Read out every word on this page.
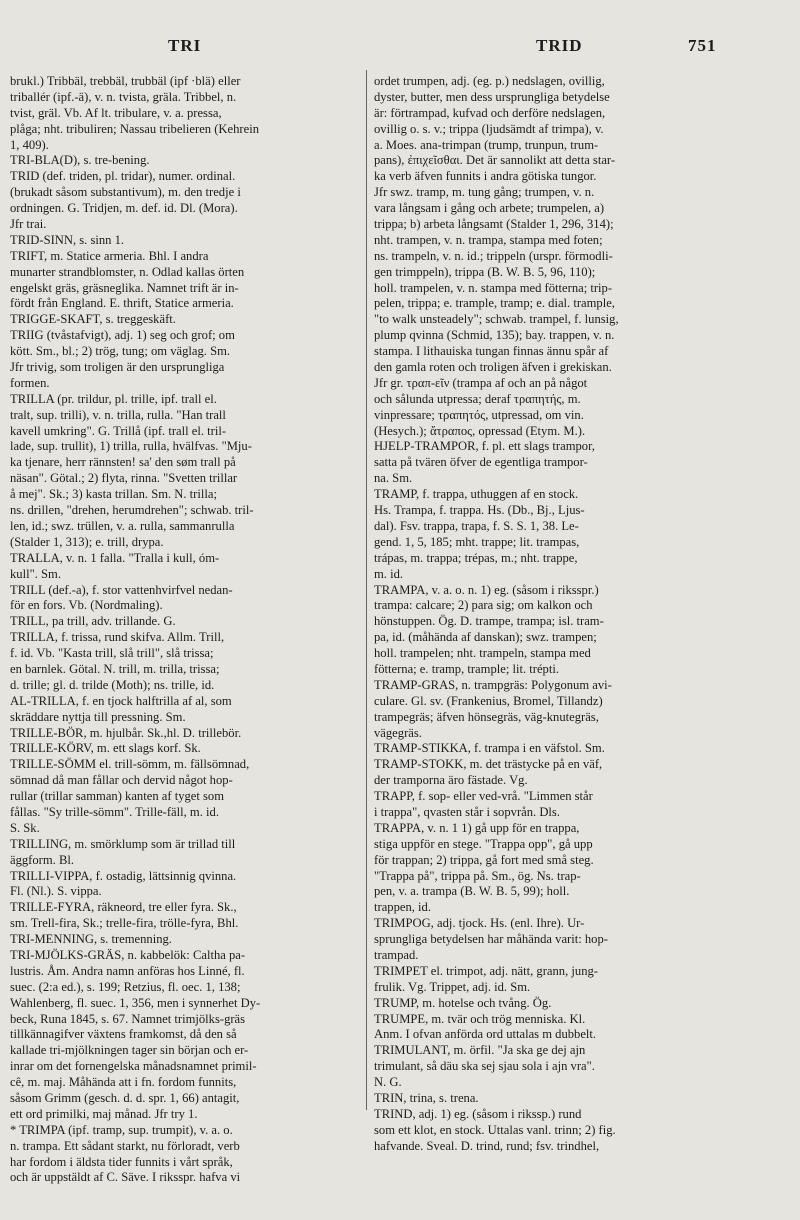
TRI	TRID	751
brukl.) Tribbäl, trebbäl, trubbäl (ipf ·blä) eller
triballér (ipf.-ä), v. n. tvista, gräla. Tribbel, n.
tvist, gräl. Vb. Af lt. tribulare, v. a. pressa,
plåga; nht. tribuliren; Nassau tribelieren (Kehrein
1, 409).
TRI-BLA(D), s. tre-bening.
TRID (def. triden, pl. tridar), numer. ordinal.
(brukadt såsom substantivum), m. den tredje i
ordningen. G. Tridjen, m. def. id. Dl. (Mora).
Jfr trai.
TRID-SINN, s. sinn 1.
TRIFT, m. Statice armeria. Bhl. I andra
munarter strandblomster, n. Odlad kallas örten
engelskt gräs, gräsneglika. Namnet trift är in-
fördt från England. E. thrift, Statice armeria.
TRIGGE-SKAFT, s. treggeskäft.
TRIIG (tvåstafvigt), adj. 1) seg och grof; om
kött. Sm., bl.; 2) trög, tung; om väglag. Sm.
Jfr trivig, som troligen är den ursprungliga
formen.
TRILLA (pr. trildur, pl. trille, ipf. trall el.
tralt, sup. trilli), v. n. trilla, rulla. "Han trall
kavell umkring". G. Trillå (ipf. trall el. tril-
lade, sup. trullit), 1) trilla, rulla, hvälfvas. "Mju-
ka tjenare, herr rännsten! sa' den søm trall på
näsan". Götal.; 2) flyta, rinna. "Svetten trillar
å mej". Sk.; 3) kasta trillan. Sm. N. trilla;
ns. drillen, "drehen, herumdrehen"; schwab. tril-
len, id.; swz. trüllen, v. a. rulla, sammanrulla
(Stalder 1, 313); e. trill, drypa.
TRALLA, v. n. 1 falla. "Tralla i kull, óm-
kull". Sm.
TRILL (def.-a), f. stor vattenhvirfvel nedan-
för en fors. Vb. (Nordmaling).
TRILL, pa trill, adv. trillande. G.
TRILLA, f. trissa, rund skifva. Allm. Trill,
f. id. Vb. "Kasta trill, slå trill", slå trissa;
en barnlek. Götal. N. trill, m. trilla, trissa;
d. trille; gl. d. trilde (Moth); ns. trille, id.
AL-TRILLA, f. en tjock halftrilla af al, som
skräddare nyttja till pressning. Sm.
TRILLE-BÖR, m. hjulbår. Sk.,hl. D. trillebör.
TRILLE-KÖRV, m. ett slags korf. Sk.
TRILLE-SÖMM el. trill-sömm, m. fällsömnad,
sömnad då man fållar och dervid något hop-
rullar (trillar samman) kanten af tyget som
fållas. "Sy trille-sömm". Trille-fäll, m. id.
S. Sk.
TRILLING, m. smörklump som är trillad till
äggform. Bl.
TRILLI-VIPPA, f. ostadig, lättsinnig qvinna.
Fl. (Nl.). S. vippa.
TRILLE-FYRA, räkneord, tre eller fyra. Sk.,
sm. Trell-fira, Sk.; trelle-fira, trölle-fyra, Bhl.
TRI-MENNING, s. tremenning.
TRI-MJÖLKS-GRÄS, n. kabbelök: Caltha pa-
lustris. Åm. Andra namn anföras hos Linné, fl.
suec. (2:a ed.), s. 199; Retzius, fl. oec. 1, 138;
Wahlenberg, fl. suec. 1, 356, men i synnerhet Dy-
beck, Runa 1845, s. 67. Namnet trimjölks-gräs
tillkännagifver växtens framkomst, då den så
kallade tri-mjölkningen tager sin början och er-
inrar om det fornengelska månadsnamnet primil-
cê, m. maj. Måhända att i fn. fordom funnits,
såsom Grimm (gesch. d. d. spr. 1, 66) antagit,
ett ord primilki, maj månad. Jfr try 1.
* TRIMPA (ipf. tramp, sup. trumpit), v. a. o.
n. trampa. Ett sådant starkt, nu förloradt, verb
har fordom i äldsta tider funnits i vårt språk,
och är uppstäldt af C. Säve. I riksspr. hafva vi
ordet trumpen, adj. (eg. p.) nedslagen, ovillig,
dyster, butter, men dess ursprungliga betydelse
är: förtrampad, kufvad och derföre nedslagen,
ovillig o. s. v.; trippa (ljudsämdt af trimpa), v.
a. Moes. ana-trimpan (trump, trunpun, trum-
pans), ἐπιχεῖσθαι. Det är sannolikt att detta star-
ka verb äfven funnits i andra götiska tungor.
Jfr swz. tramp, m. tung gång; trumpen, v. n.
vara långsam i gång och arbete; trumpelen, a)
trippa; b) arbeta långsamt (Stalder 1, 296, 314);
nht. trampen, v. n. trampa, stampa med foten;
ns. trampeln, v. n. id.; trippeln (urspr. förmodli-
gen trimppeln), trippa (B. W. B. 5, 96, 110);
holl. trampelen, v. n. stampa med fötterna; trip-
pelen, trippa; e. trample, tramp; e. dial. trample,
"to walk unsteadely"; schwab. trampel, f. lunsig,
plump qvinna (Schmid, 135); bay. trappen, v. n.
stampa. I lithauiska tungan finnas ännu spår af
den gamla roten och troligen äfven i grekiskan.
Jfr gr. τραπ-εῖν (trampa af och an på något
och sålunda utpressa; deraf τραπητής, m.
vinpressare; τραπητός, utpressad, om vin.
(Hesych.); ἄτραπος, opressad (Etym. M.).
HJELP-TRAMPOR, f. pl. ett slags trampor,
satta på tvären öfver de egentliga trampor-
na. Sm.
TRAMP, f. trappa, uthuggen af en stock.
Hs. Trampa, f. trappa. Hs. (Db., Bj., Ljus-
dal). Fsv. trappa, trapa, f. S. S. 1, 38. Le-
gend. 1, 5, 185; mht. trappe; lit. trampas,
trápas, m. trappa; trépas, m.; nht. trappe,
m. id.
TRAMPA, v. a. o. n. 1) eg. (såsom i riksspr.)
trampa: calcare; 2) para sig; om kalkon och
hönstuppen. Ög. D. trampe, trampa; isl. tram-
pa, id. (måhända af danskan); swz. trampen;
holl. trampelen; nht. trampeln, stampa med
fötterna; e. tramp, trample; lit. trépti.
TRAMP-GRAS, n. trampgräs: Polygonum avi-
culare. Gl. sv. (Frankenius, Bromel, Tillandz)
trampegräs; äfven hönsegräs, väg-knutegräs,
vägegräs.
TRAMP-STIKKA, f. trampa i en väfstol. Sm.
TRAMP-STOKK, m. det trästycke på en väf,
der tramporna äro fästade. Vg.
TRAPP, f. sop- eller ved-vrå. "Limmen står
i trappa", qvasten står i sopvrån. Dls.
TRAPPA, v. n. 1 1) gå upp för en trappa,
stiga uppför en stege. "Trappa opp", gå upp
för trappan; 2) trippa, gå fort med små steg.
"Trappa på", trippa på. Sm., ög. Ns. trap-
pen, v. a. trampa (B. W. B. 5, 99); holl.
trappen, id.
TRIMPOG, adj. tjock. Hs. (enl. Ihre). Ur-
sprungliga betydelsen har måhända varit: hop-
trampad.
TRIMPET el. trimpot, adj. nätt, grann, jung-
frulik. Vg. Trippet, adj. id. Sm.
TRUMP, m. hotelse och tvång. Ög.
TRUMPE, m. tvär och trög menniska. Kl.
Anm. I ofvan anförda ord uttalas m dubbelt.
TRIMULANT, m. örfil. "Ja ska ge dej ajn
trimulant, så däu ska sej sjau sola i ajn vra".
N. G.
TRIN, trina, s. trena.
TRIND, adj. 1) eg. (såsom i rikssp.) rund
som ett klot, en stock. Uttalas vanl. trinn; 2) fig.
hafvande. Sveal. D. trind, rund; fsv. trindhel,
